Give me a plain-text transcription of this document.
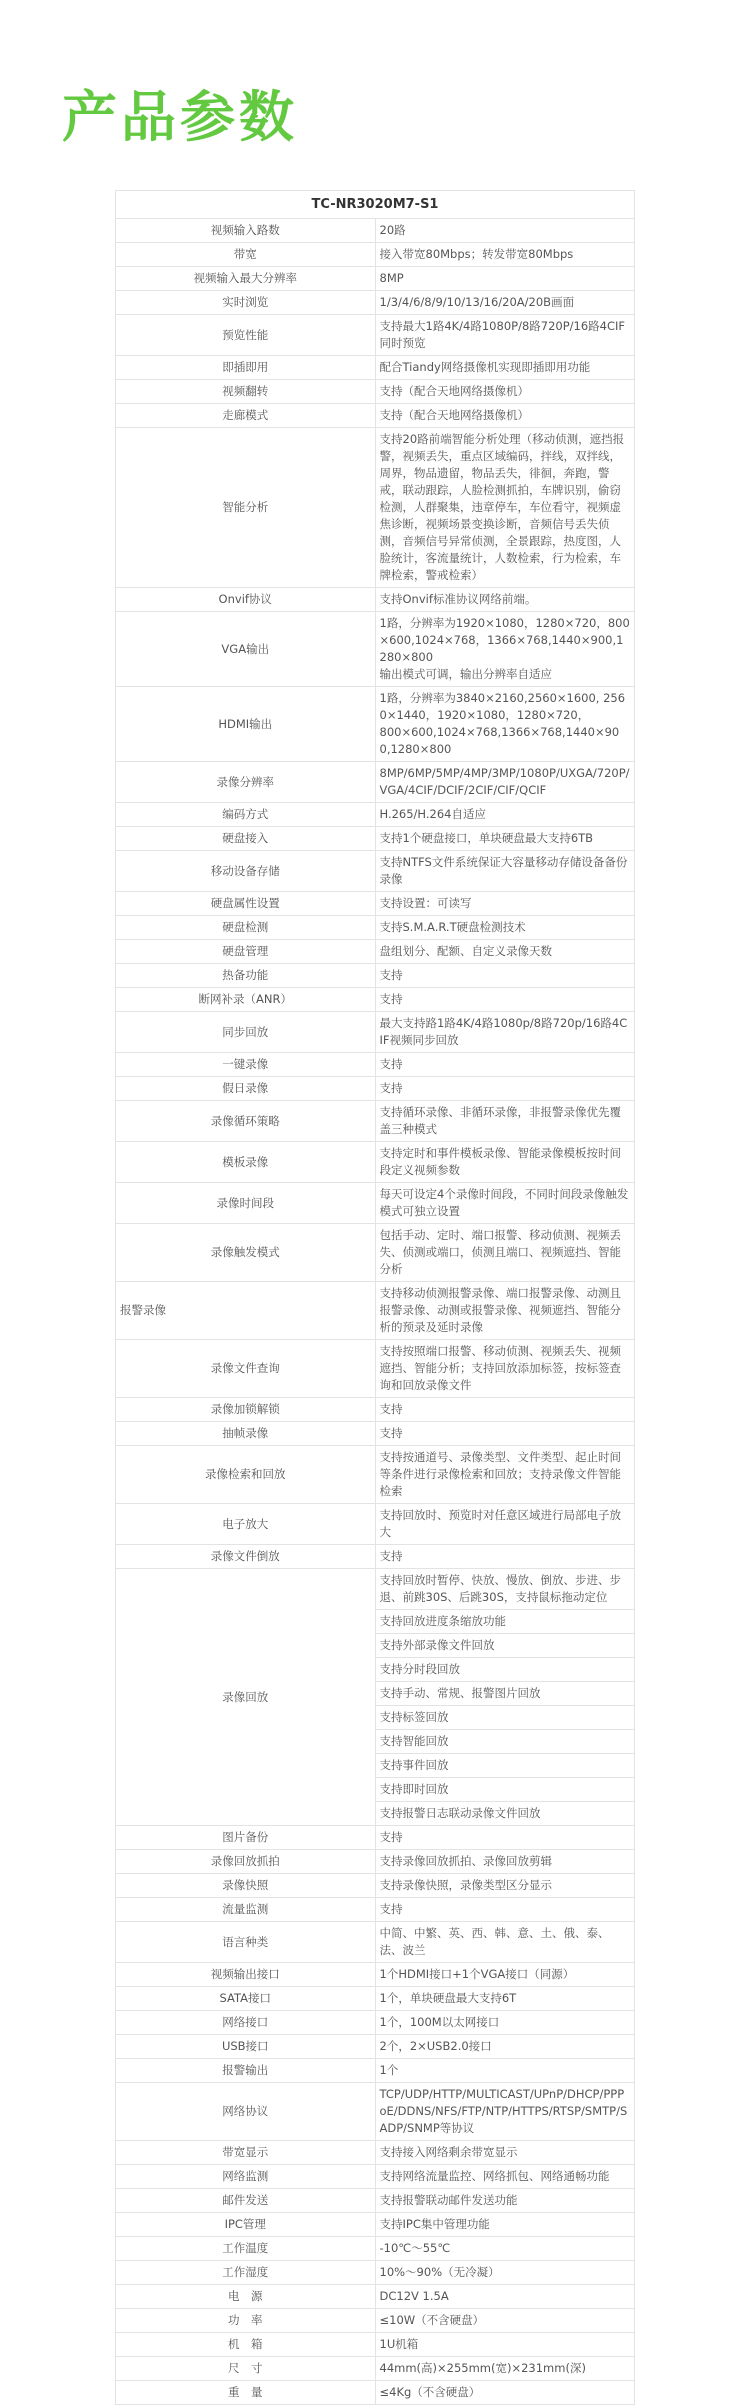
产品参数
TC-NR3020M7-S1	
视频输入路数	20路
带宽	接入带宽80Mbps；转发带宽80Mbps
视频输入最大分辨率	8MP
实时浏览	1/3/4/6/8/9/10/13/16/20A/20B画面
预览性能	支持最大1路4K/4路1080P/8路720P/16路4CIF同时预览
即插即用	配合Tiandy网络摄像机实现即插即用功能
视频翻转	支持（配合天地网络摄像机）
走廊模式	支持（配合天地网络摄像机）
智能分析	支持20路前端智能分析处理（移动侦测，遮挡报警，视频丢失，重点区域编码，拌线，双拌线，周界，物品遗留，物品丢失，徘徊，奔跑，警戒，联动跟踪，人脸检测抓拍，车牌识别，偷窃检测，人群聚集，违章停车，车位看守，视频虚焦诊断，视频场景变换诊断，音频信号丢失侦测，音频信号异常侦测，全景跟踪，热度图，人脸统计，客流量统计，人数检索，行为检索，车牌检索，警戒检索）
Onvif协议	支持Onvif标准协议网络前端。
VGA输出	1路，分辨率为1920×1080，1280×720，800×600,1024×768，1366×768,1440×900,1280×800
输出模式可调，输出分辨率自适应
HDMI输出	1路，分辨率为3840×2160,2560×1600, 2560×1440，1920×1080，1280×720，
800×600,1024×768,1366×768,1440×900,1280×800
录像分辨率	8MP/6MP/5MP/4MP/3MP/1080P/UXGA/720P/VGA/4CIF/DCIF/2CIF/CIF/QCIF
编码方式	H.265/H.264自适应
硬盘接入	支持1个硬盘接口，单块硬盘最大支持6TB
移动设备存储	支持NTFS文件系统保证大容量移动存储设备备份录像
硬盘属性设置	支持设置：可读写
硬盘检测	支持S.M.A.R.T硬盘检测技术
硬盘管理	盘组划分、配额、自定义录像天数
热备功能	支持
断网补录（ANR）	支持
同步回放	最大支持路1路4K/4路1080p/8路720p/16路4CIF视频同步回放
一键录像	支持
假日录像	支持
录像循环策略	支持循环录像、非循环录像，非报警录像优先覆盖三种模式
模板录像	支持定时和事件模板录像、智能录像模板按时间段定义视频参数
录像时间段	每天可设定4个录像时间段，不同时间段录像触发模式可独立设置
录像触发模式	包括手动、定时、端口报警、移动侦测、视频丢失、侦测或端口，侦测且端口、视频遮挡、智能分析
报警录像	支持移动侦测报警录像、端口报警录像、动测且报警录像、动测或报警录像、视频遮挡、智能分析的预录及延时录像
录像文件查询	支持按照端口报警、移动侦测、视频丢失、视频遮挡、智能分析；支持回放添加标签，按标签查询和回放录像文件
录像加锁解锁	支持
抽帧录像	支持
录像检索和回放	支持按通道号、录像类型、文件类型、起止时间等条件进行录像检索和回放；支持录像文件智能检索
电子放大	支持回放时、预览时对任意区域进行局部电子放大
录像文件倒放	支持
录像回放	支持回放时暂停、快放、慢放、倒放、步进、步退、前跳30S、后跳30S，支持鼠标拖动定位
	支持回放进度条缩放功能
	支持外部录像文件回放
	支持分时段回放
	支持手动、常规、报警图片回放
	支持标签回放
	支持智能回放
	支持事件回放
	支持即时回放
	支持报警日志联动录像文件回放
图片备份	支持
录像回放抓拍	支持录像回放抓拍、录像回放剪辑
录像快照	支持录像快照，录像类型区分显示
流量监测	支持
语言种类	中简、中繁、英、西、韩、意、土、俄、泰、法、波兰
视频输出接口	1个HDMI接口+1个VGA接口（同源）
SATA接口	1个，单块硬盘最大支持6T
网络接口	1个，100M以太网接口
USB接口	2个，2×USB2.0接口
报警输出	1个
网络协议	TCP/UDP/HTTP/MULTICAST/UPnP/DHCP/PPPoE/DDNS/NFS/FTP/NTP/HTTPS/RTSP/SMTP/SADP/SNMP等协议
带宽显示	支持接入网络剩余带宽显示
网络监测	支持网络流量监控、网络抓包、网络通畅功能
邮件发送	支持报警联动邮件发送功能
IPC管理	支持IPC集中管理功能
工作温度	-10℃～55℃
工作湿度	10%～90%（无冷凝）
电　源	DC12V 1.5A
功　率	≤10W（不含硬盘）
机　箱	1U机箱
尺　寸	44mm(高)×255mm(宽)×231mm(深)
重　量	≤4Kg（不含硬盘）
